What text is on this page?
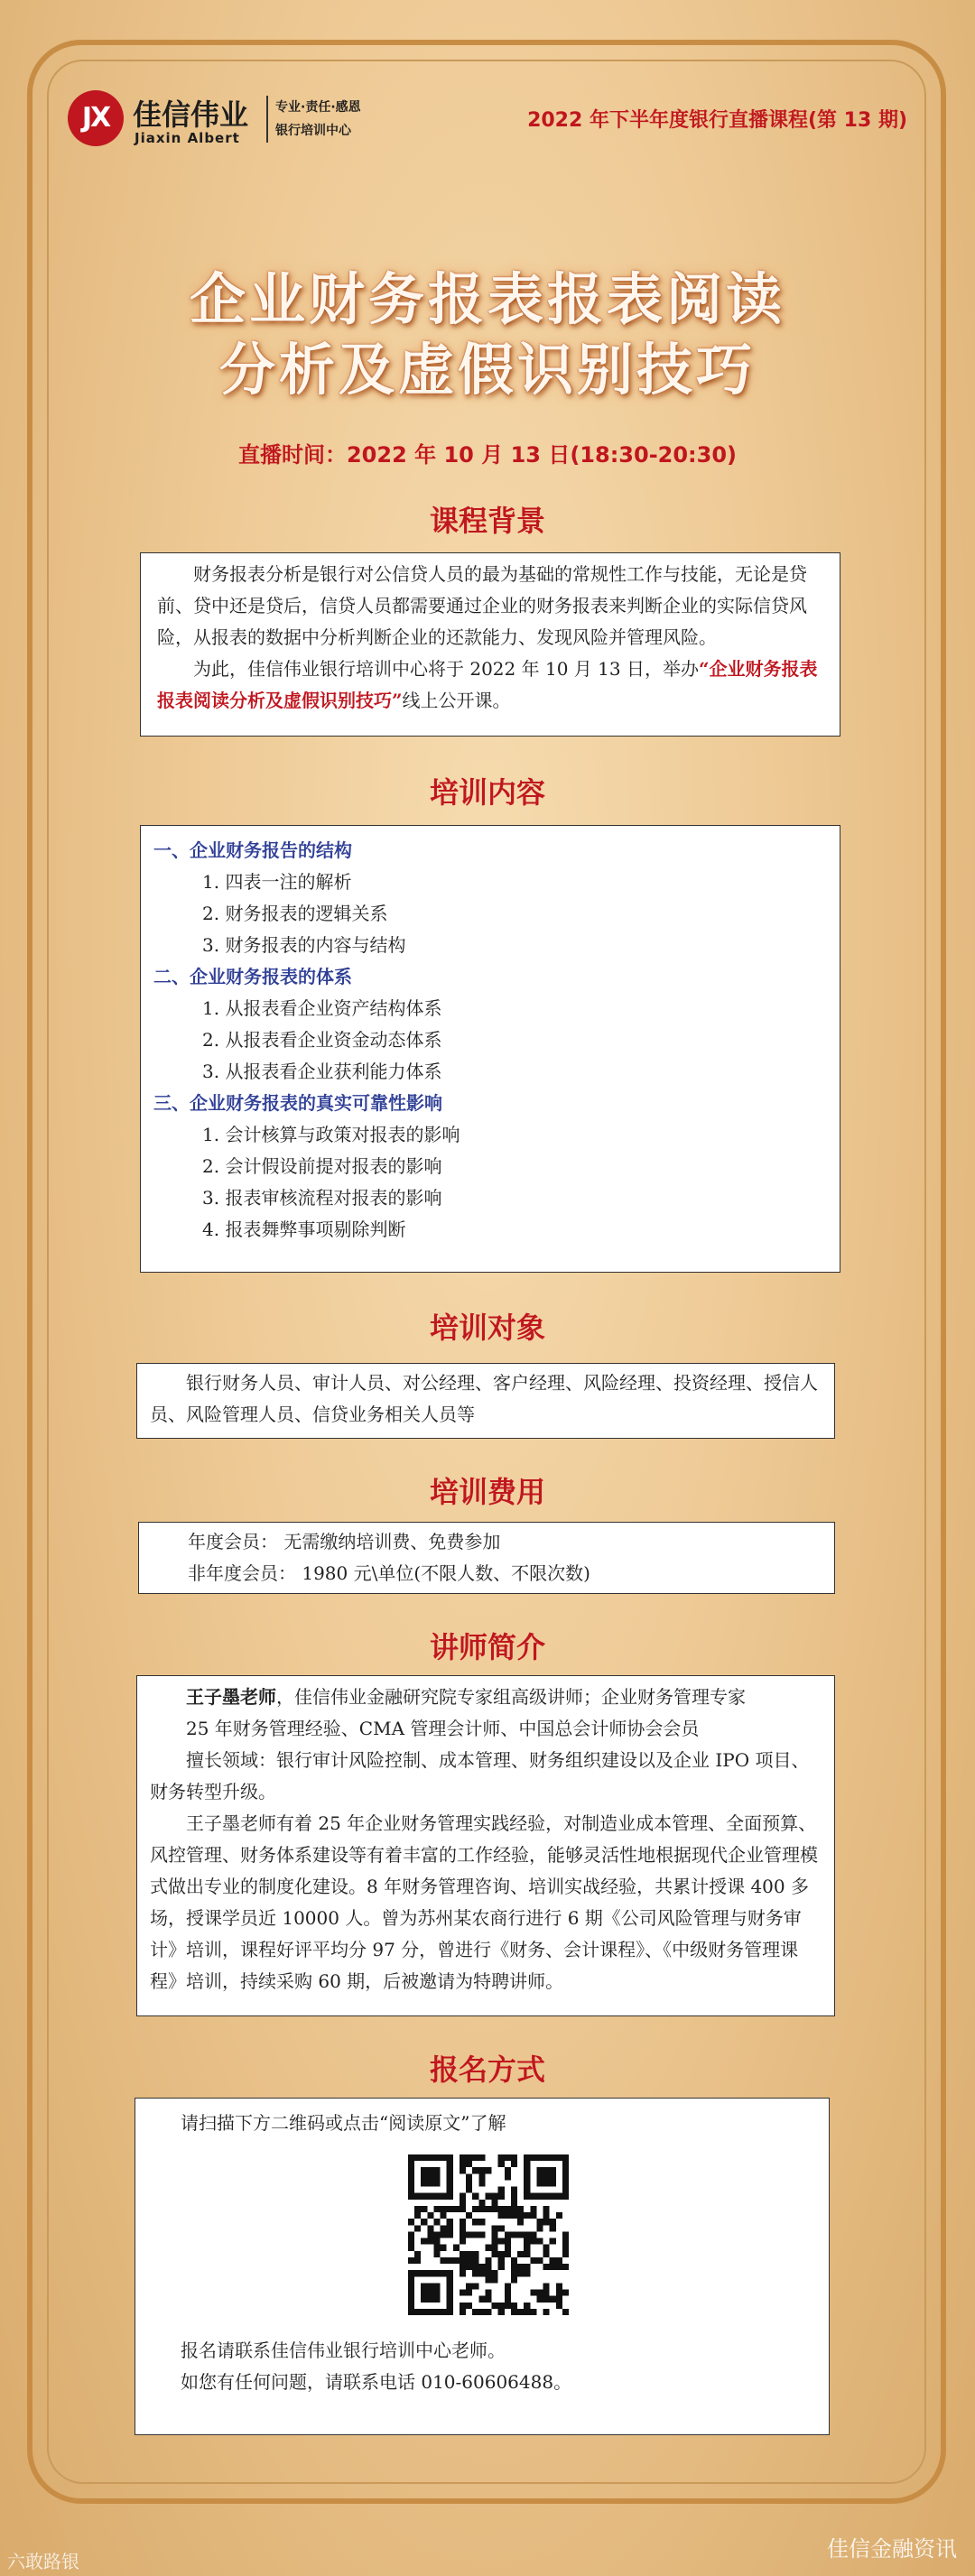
JX 佳信伟业
Jiaxin Albert
专业·责任·感恩
银行培训中心	2022 年下半年度银行直播课程(第 13 期)
企业财务报表报表阅读
分析及虚假识别技巧
直播时间：2022 年 10 月 13 日(18:30-20:30)
课程背景

财务报表分析是银行对公信贷人员的最为基础的常规性工作与技能，无论是贷前、贷中还是贷后，信贷人员都需要通过企业的财务报表来判断企业的实际信贷风险，从报表的数据中分析判断企业的还款能力、发现风险并管理风险。

为此，佳信伟业银行培训中心将于 2022 年 10 月 13 日，举办“企业财务报表报表阅读分析及虚假识别技巧”线上公开课。

培训内容

一、企业财务报告的结构

1. 四表一注的解析

2. 财务报表的逻辑关系

3. 财务报表的内容与结构

二、企业财务报表的体系

1. 从报表看企业资产结构体系

2. 从报表看企业资金动态体系

3. 从报表看企业获利能力体系

三、企业财务报表的真实可靠性影响

1. 会计核算与政策对报表的影响

2. 会计假设前提对报表的影响

3. 报表审核流程对报表的影响

4. 报表舞弊事项剔除判断

培训对象

银行财务人员、审计人员、对公经理、客户经理、风险经理、投资经理、授信人员、风险管理人员、信贷业务相关人员等

培训费用

年度会员： 无需缴纳培训费、免费参加

非年度会员： 1980 元\单位(不限人数、不限次数)

讲师简介

王子墨老师，佳信伟业金融研究院专家组高级讲师；企业财务管理专家

25 年财务管理经验、CMA 管理会计师、中国总会计师协会会员

擅长领域：银行审计风险控制、成本管理、财务组织建设以及企业 IPO 项目、财务转型升级。

王子墨老师有着 25 年企业财务管理实践经验，对制造业成本管理、全面预算、风控管理、财务体系建设等有着丰富的工作经验，能够灵活性地根据现代企业管理模式做出专业的制度化建设。8 年财务管理咨询、培训实战经验，共累计授课 400 多场，授课学员近 10000 人。曾为苏州某农商行进行 6 期《公司风险管理与财务审计》培训，课程好评平均分 97 分，曾进行《财务、会计课程》、《中级财务管理课程》培训，持续采购 60 期，后被邀请为特聘讲师。

报名方式

请扫描下方二维码或点击“阅读原文”了解

报名请联系佳信伟业银行培训中心老师。

如您有任何问题，请联系电话 010-60606488。

六敢路银	佳信金融资讯
